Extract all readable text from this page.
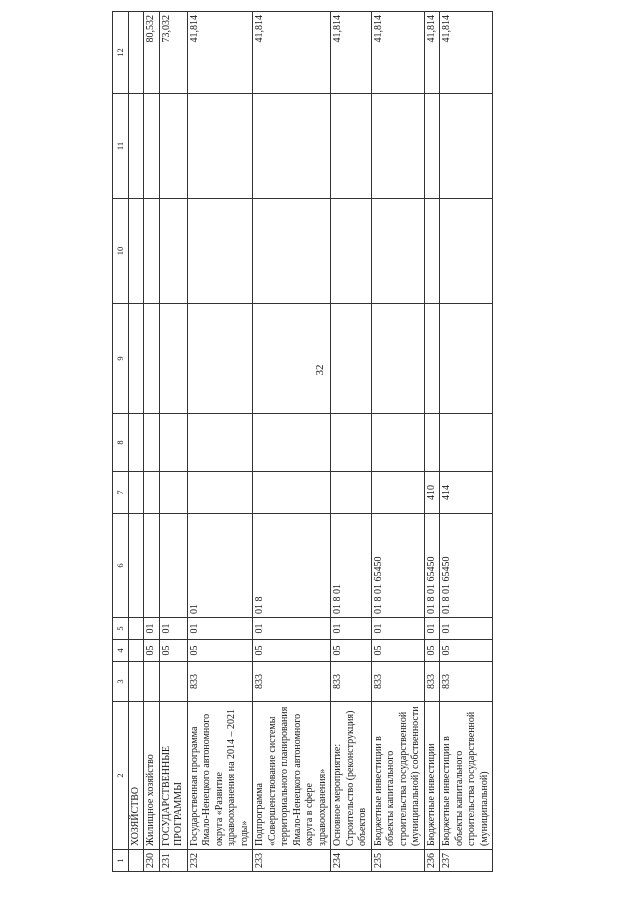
32
1	2	3	4	5	6	7	8	9	10	11	12
	ХОЗЯЙСТВО										
230	Жилищное хозяйство		05	01							80,532
231	ГОСУДАРСТВЕННЫЕ ПРОГРАММЫ		05	01							73,032
232	Государственная программа Ямало-Ненецкого автономного округа «Развитие здравоохранения на 2014 – 2021 годы»	833	05	01	01						41,814
233	Подпрограмма «Совершенствование системы территориального планирования Ямало-Ненецкого автономного округа в сфере здравоохранения»	833	05	01	01 8						41,814
234	Основное мероприятие: Строительство (реконструкция) объектов	833	05	01	01 8 01						41,814
235	Бюджетные инвестиции в объекты капитального строительства государственной (муниципальной) собственности	833	05	01	01 8 01 65450						41,814
236	Бюджетные инвестиции	833	05	01	01 8 01 65450	410					41,814
237	Бюджетные инвестиции в объекты капитального строительства государственной (муниципальной)	833	05	01	01 8 01 65450	414					41,814
